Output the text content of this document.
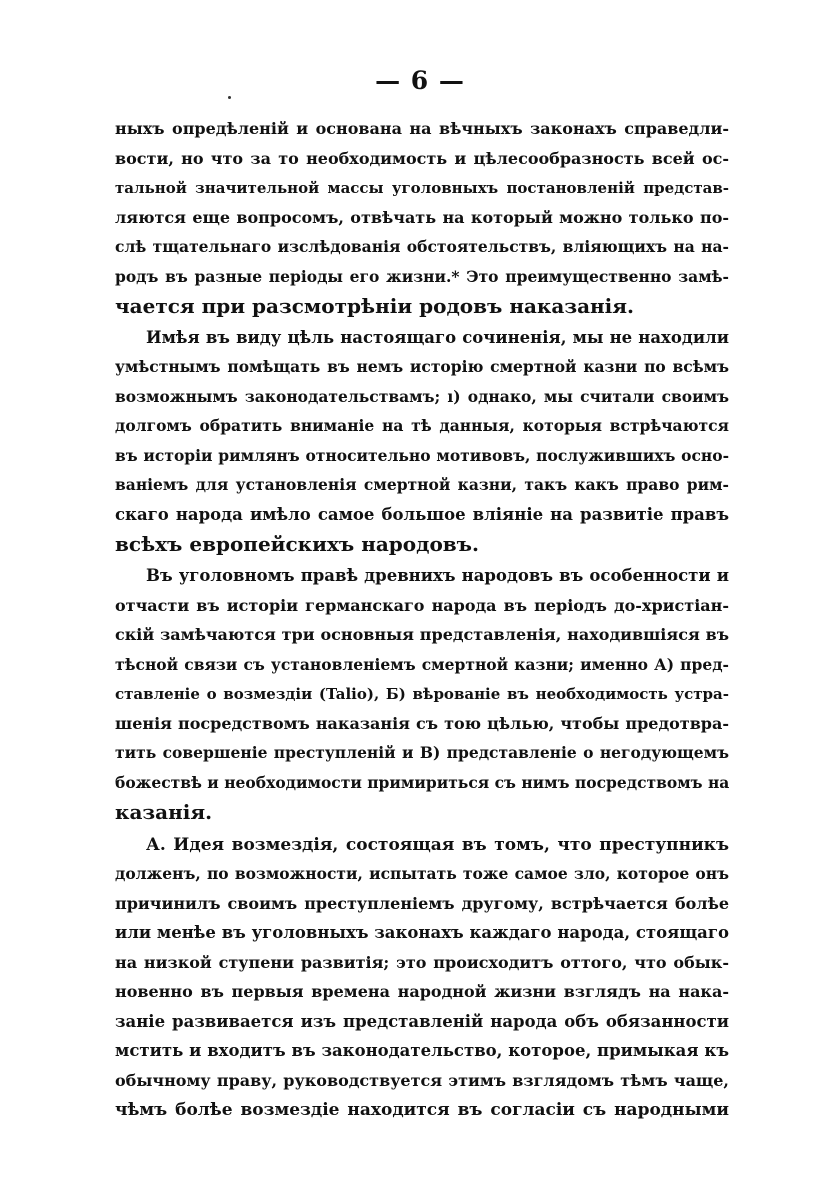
— 6 —
ныхъ опредѣленій и основана на вѣчныхъ законахъ справедли-
вости, но что за то необходимость и цѣлесообразность всей ос-
тальной значительной массы уголовныхъ постановленій представ-
ляются еще вопросомъ, отвѣчать на который можно только по-
слѣ тщательнаго изслѣдованія обстоятельствъ, вліяющихъ на на-
родъ въ разные періоды его жизни.* Это преимущественно замѣ-
чается при разсмотрѣніи родовъ наказанія.
Имѣя въ виду цѣль настоящаго сочиненія, мы не находили
умѣстнымъ помѣщать въ немъ исторію смертной казни по всѣмъ
возможнымъ законодательствамъ; ı) однако, мы считали своимъ
долгомъ обратить вниманіе на тѣ данныя, которыя встрѣчаются
въ исторіи римлянъ относительно мотивовъ, послужившихъ осно-
ваніемъ для установленія смертной казни, такъ какъ право рим-
скаго народа имѣло самое большое вліяніе на развитіе правъ
всѣхъ европейскихъ народовъ.
Въ уголовномъ правѣ древнихъ народовъ въ особенности и
отчасти въ исторіи германскаго народа въ періодъ до-христіан-
скій замѣчаются три основныя представленія, находившіяся въ
тѣсной связи съ установленіемъ смертной казни; именно А) пред-
ставленіе о возмездіи (Talio), Б) вѣрованіе въ необходимость устра-
шенія посредствомъ наказанія съ тою цѣлью, чтобы предотвра-
тить совершеніе преступленій и В) представленіе о негодующемъ
божествѣ и необходимости примириться съ нимъ посредствомъ на
казанія.
А. Идея возмездія, состоящая въ томъ, что преступникъ
долженъ, по возможности, испытать тоже самое зло, которое онъ
причинилъ своимъ преступленіемъ другому, встрѣчается болѣе
или менѣе въ уголовныхъ законахъ каждаго народа, стоящаго
на низкой ступени развитія; это происходитъ оттого, что обык-
новенно въ первыя времена народной жизни взглядъ на нака-
заніе развивается изъ представленій народа объ обязанности
мстить и входитъ въ законодательство, которое, примыкая къ
обычному праву, руководствуется этимъ взглядомъ тѣмъ чаще,
чѣмъ болѣе возмездіе находится въ согласіи съ народными
